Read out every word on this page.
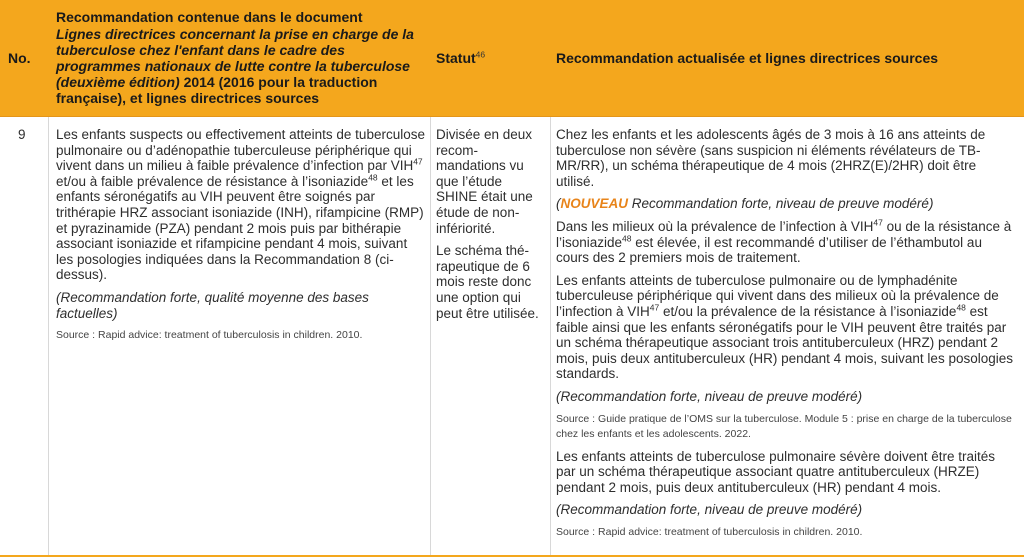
No.
Recommandation contenue dans le document
Lignes directrices concernant la prise en charge de la tuberculose chez l'enfant dans le cadre des programmes nationaux de lutte contre la tuberculose (deuxième édition) 2014 (2016 pour la traduction française), et lignes directrices sources
Statut$^{46}$	Recommandation actualisée et lignes directrices sources
9	Les enfants suspects ou effectivement atteints de tuberculose pulmonaire ou d’adénopathie tuberculeuse périphérique qui vivent dans un milieu à faible prévalence d’infection par VIH$^{47}$ et/ou à faible prévalence de résistance à l’isoniazide$^{48}$ et les enfants séronégatifs au VIH peuvent être soignés par trithérapie HRZ associant isoniazide (INH), rifampicine (RMP) et pyrazinamide (PZA) pendant 2 mois puis par bithérapie associant isoniazide et rifampicine pendant 4 mois, suivant les posologies indiquées dans la Recommandation 8 (ci-dessus).

(Recommandation forte, qualité moyenne des bases factuelles)

Source : Rapid advice: treatment of tuberculosis in children. 2010.

Divisée en deux recom-mandations vu que l’étude SHINE était une étude de non-infériorité.

Le schéma thé-rapeutique de 6 mois reste donc une option qui peut être utilisée.

Chez les enfants et les adolescents âgés de 3 mois à 16 ans atteints de tuberculose non sévère (sans suspicion ni éléments révélateurs de TB-MR/RR), un schéma thérapeutique de 4 mois (2HRZ(E)/2HR) doit être utilisé.

(NOUVEAU Recommandation forte, niveau de preuve modéré)

Dans les milieux où la prévalence de l’infection à VIH$^{47}$ ou de la résistance à l’isoniazide$^{48}$ est élevée, il est recommandé d’utiliser de l’éthambutol au cours des 2 premiers mois de traitement.

Les enfants atteints de tuberculose pulmonaire ou de lymphadénite tuberculeuse périphérique qui vivent dans des milieux où la prévalence de l’infection à VIH$^{47}$ et/ou la prévalence de la résistance à l’isoniazide$^{48}$ est faible ainsi que les enfants séronégatifs pour le VIH peuvent être traités par un schéma thérapeutique associant trois antituberculeux (HRZ) pendant 2 mois, puis deux antituberculeux (HR) pendant 4 mois, suivant les posologies standards.

(Recommandation forte, niveau de preuve modéré)

Source : Guide pratique de l’OMS sur la tuberculose. Module 5 : prise en charge de la tuberculose chez les enfants et les adolescents. 2022.

Les enfants atteints de tuberculose pulmonaire sévère doivent être traités par un schéma thérapeutique associant quatre antituberculeux (HRZE) pendant 2 mois, puis deux antituberculeux (HR) pendant 4 mois.

(Recommandation forte, niveau de preuve modéré)

Source : Rapid advice: treatment of tuberculosis in children. 2010.
